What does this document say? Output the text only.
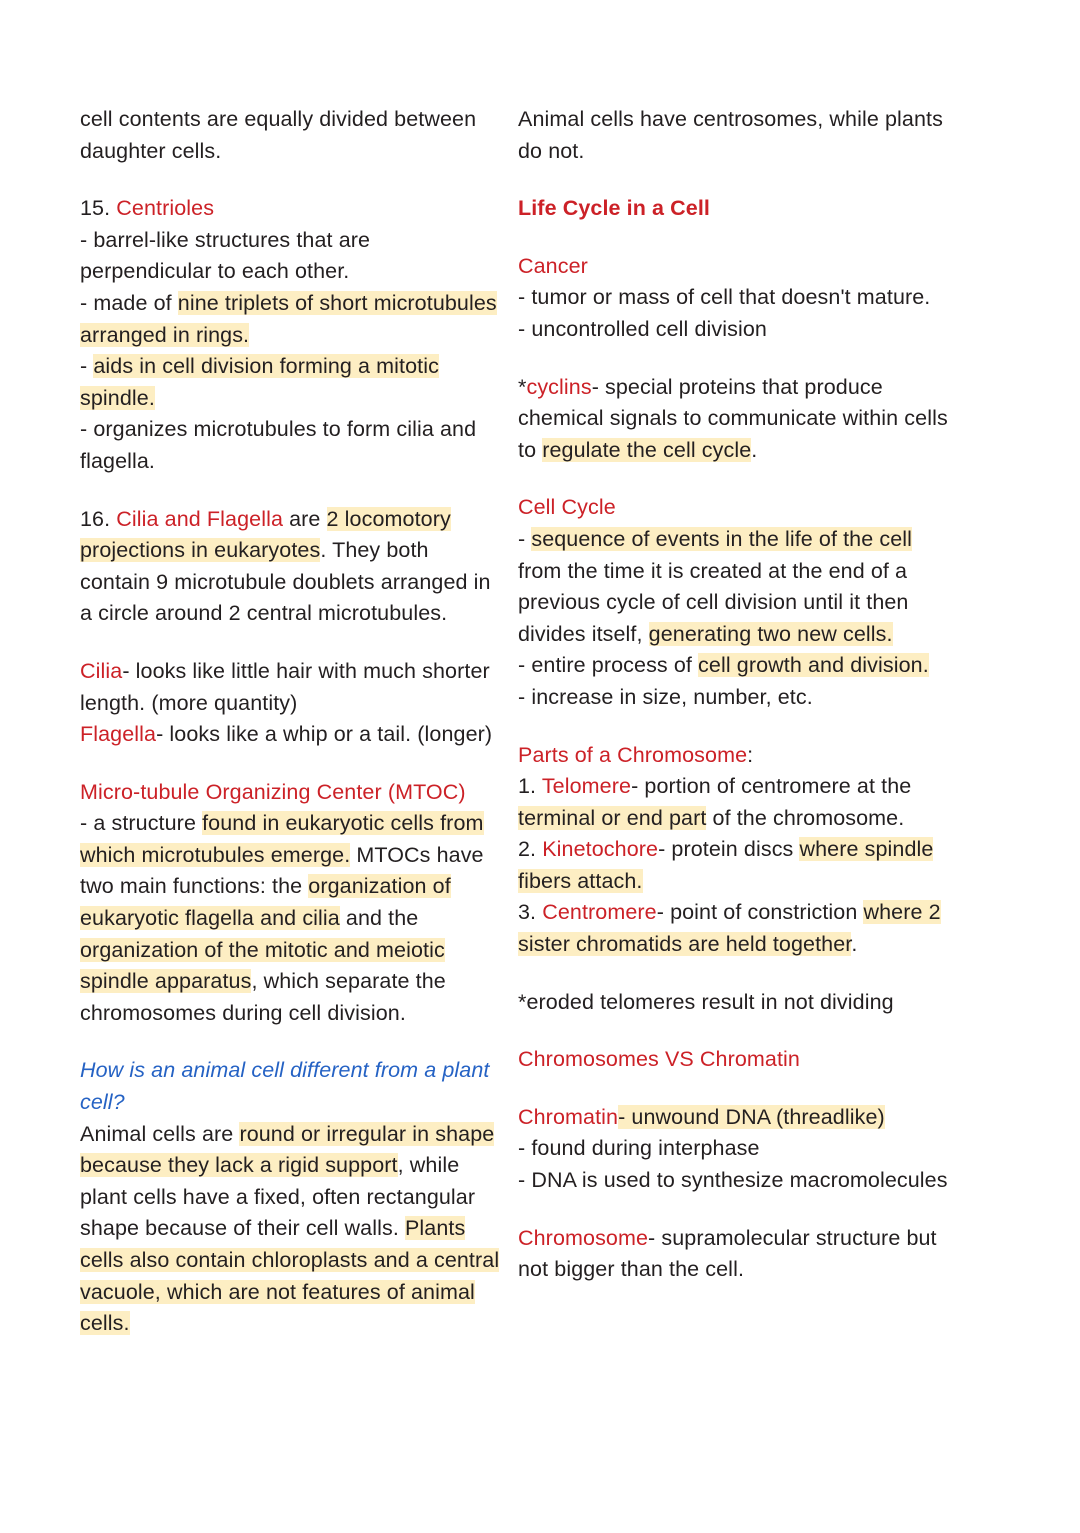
cell contents are equally divided between daughter cells.

15. Centrioles

- barrel-like structures that are perpendicular to each other.

- made of nine triplets of short microtubules arranged in rings.

- aids in cell division forming a mitotic spindle.

- organizes microtubules to form cilia and flagella.

16. Cilia and Flagella are 2 locomotory projections in eukaryotes. They both contain 9 microtubule doublets arranged in a circle around 2 central microtubules.

Cilia- looks like little hair with much shorter length. (more quantity)

Flagella- looks like a whip or a tail. (longer)

Micro-tubule Organizing Center (MTOC)

- a structure found in eukaryotic cells from which microtubules emerge. MTOCs have two main functions: the organization of eukaryotic flagella and cilia and the organization of the mitotic and meiotic spindle apparatus, which separate the chromosomes during cell division.

How is an animal cell different from a plant cell?

Animal cells are round or irregular in shape because they lack a rigid support, while plant cells have a fixed, often rectangular shape because of their cell walls. Plants cells also contain chloroplasts and a central vacuole, which are not features of animal cells.

Animal cells have centrosomes, while plants do not.

Life Cycle in a Cell

Cancer

- tumor or mass of cell that doesn't mature.

- uncontrolled cell division

*cyclins- special proteins that produce chemical signals to communicate within cells to regulate the cell cycle.

Cell Cycle

- sequence of events in the life of the cell from the time it is created at the end of a previous cycle of cell division until it then divides itself, generating two new cells.

- entire process of cell growth and division.

- increase in size, number, etc.

Parts of a Chromosome:

1. Telomere- portion of centromere at the terminal or end part of the chromosome.

2. Kinetochore- protein discs where spindle fibers attach.

3. Centromere- point of constriction where 2 sister chromatids are held together.

*eroded telomeres result in not dividing

Chromosomes VS Chromatin

Chromatin- unwound DNA (threadlike)

- found during interphase

- DNA is used to synthesize macromolecules

Chromosome- supramolecular structure but not bigger than the cell.
